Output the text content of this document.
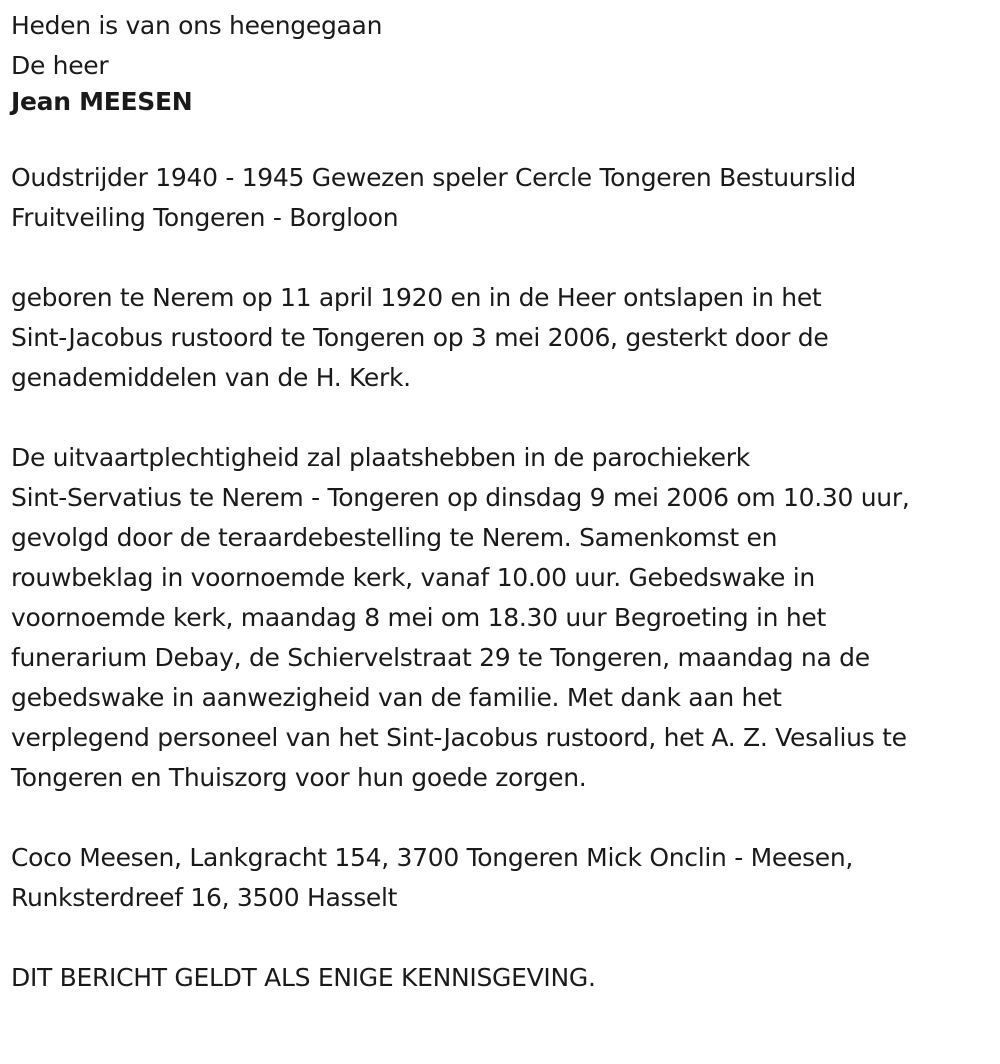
Heden is van ons heengegaan

De heer

Jean MEESEN

Oudstrijder 1940 - 1945 Gewezen speler Cercle Tongeren Bestuurslid
Fruitveiling Tongeren - Borgloon

geboren te Nerem op 11 april 1920 en in de Heer ontslapen in het
Sint-Jacobus rustoord te Tongeren op 3 mei 2006, gesterkt door de
genademiddelen van de H. Kerk.

De uitvaartplechtigheid zal plaatshebben in de parochiekerk
Sint-Servatius te Nerem - Tongeren op dinsdag 9 mei 2006 om 10.30 uur,
gevolgd door de teraardebestelling te Nerem. Samenkomst en
rouwbeklag in voornoemde kerk, vanaf 10.00 uur. Gebedswake in
voornoemde kerk, maandag 8 mei om 18.30 uur Begroeting in het
funerarium Debay, de Schiervelstraat 29 te Tongeren, maandag na de
gebedswake in aanwezigheid van de familie. Met dank aan het
verplegend personeel van het Sint-Jacobus rustoord, het A. Z. Vesalius te
Tongeren en Thuiszorg voor hun goede zorgen.

Coco Meesen, Lankgracht 154, 3700 Tongeren Mick Onclin - Meesen,
Runksterdreef 16, 3500 Hasselt

DIT BERICHT GELDT ALS ENIGE KENNISGEVING.
